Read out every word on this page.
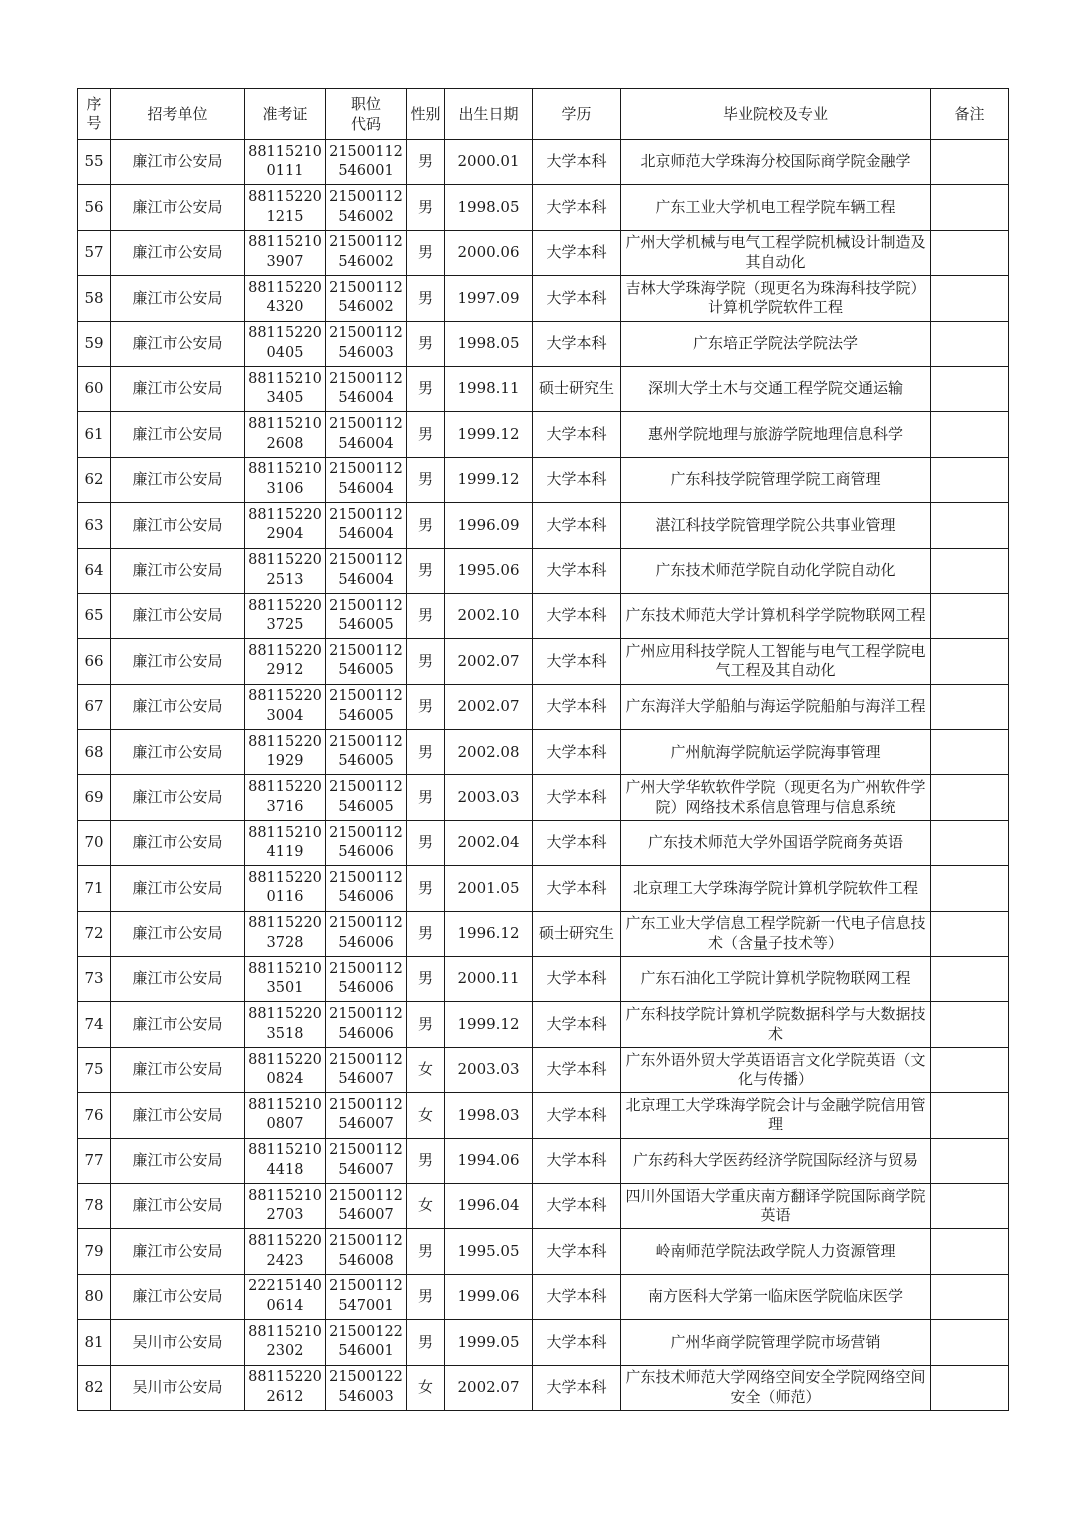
序号	招考单位	准考证	职位代码	性别	出生日期	学历	毕业院校及专业	备注
55	廉江市公安局	881152100111	21500112546001	男	2000.01	大学本科	北京师范大学珠海分校国际商学院金融学	
56	廉江市公安局	881152201215	21500112546002	男	1998.05	大学本科	广东工业大学机电工程学院车辆工程	
57	廉江市公安局	881152103907	21500112546002	男	2000.06	大学本科	广州大学机械与电气工程学院机械设计制造及其自动化	
58	廉江市公安局	881152204320	21500112546002	男	1997.09	大学本科	吉林大学珠海学院（现更名为珠海科技学院）计算机学院软件工程	
59	廉江市公安局	881152200405	21500112546003	男	1998.05	大学本科	广东培正学院法学院法学	
60	廉江市公安局	881152103405	21500112546004	男	1998.11	硕士研究生	深圳大学土木与交通工程学院交通运输	
61	廉江市公安局	881152102608	21500112546004	男	1999.12	大学本科	惠州学院地理与旅游学院地理信息科学	
62	廉江市公安局	881152103106	21500112546004	男	1999.12	大学本科	广东科技学院管理学院工商管理	
63	廉江市公安局	881152202904	21500112546004	男	1996.09	大学本科	湛江科技学院管理学院公共事业管理	
64	廉江市公安局	881152202513	21500112546004	男	1995.06	大学本科	广东技术师范学院自动化学院自动化	
65	廉江市公安局	881152203725	21500112546005	男	2002.10	大学本科	广东技术师范大学计算机科学学院物联网工程	
66	廉江市公安局	881152202912	21500112546005	男	2002.07	大学本科	广州应用科技学院人工智能与电气工程学院电气工程及其自动化	
67	廉江市公安局	881152203004	21500112546005	男	2002.07	大学本科	广东海洋大学船舶与海运学院船舶与海洋工程	
68	廉江市公安局	881152201929	21500112546005	男	2002.08	大学本科	广州航海学院航运学院海事管理	
69	廉江市公安局	881152203716	21500112546005	男	2003.03	大学本科	广州大学华软软件学院（现更名为广州软件学院）网络技术系信息管理与信息系统	
70	廉江市公安局	881152104119	21500112546006	男	2002.04	大学本科	广东技术师范大学外国语学院商务英语	
71	廉江市公安局	881152200116	21500112546006	男	2001.05	大学本科	北京理工大学珠海学院计算机学院软件工程	
72	廉江市公安局	881152203728	21500112546006	男	1996.12	硕士研究生	广东工业大学信息工程学院新一代电子信息技术（含量子技术等）	
73	廉江市公安局	881152103501	21500112546006	男	2000.11	大学本科	广东石油化工学院计算机学院物联网工程	
74	廉江市公安局	881152203518	21500112546006	男	1999.12	大学本科	广东科技学院计算机学院数据科学与大数据技术	
75	廉江市公安局	881152200824	21500112546007	女	2003.03	大学本科	广东外语外贸大学英语语言文化学院英语（文化与传播）	
76	廉江市公安局	881152100807	21500112546007	女	1998.03	大学本科	北京理工大学珠海学院会计与金融学院信用管理	
77	廉江市公安局	881152104418	21500112546007	男	1994.06	大学本科	广东药科大学医药经济学院国际经济与贸易	
78	廉江市公安局	881152102703	21500112546007	女	1996.04	大学本科	四川外国语大学重庆南方翻译学院国际商学院英语	
79	廉江市公安局	881152202423	21500112546008	男	1995.05	大学本科	岭南师范学院法政学院人力资源管理	
80	廉江市公安局	222151400614	21500112547001	男	1999.06	大学本科	南方医科大学第一临床医学院临床医学	
81	吴川市公安局	881152102302	21500122546001	男	1999.05	大学本科	广州华商学院管理学院市场营销	
82	吴川市公安局	881152202612	21500122546003	女	2002.07	大学本科	广东技术师范大学网络空间安全学院网络空间安全（师范）	
